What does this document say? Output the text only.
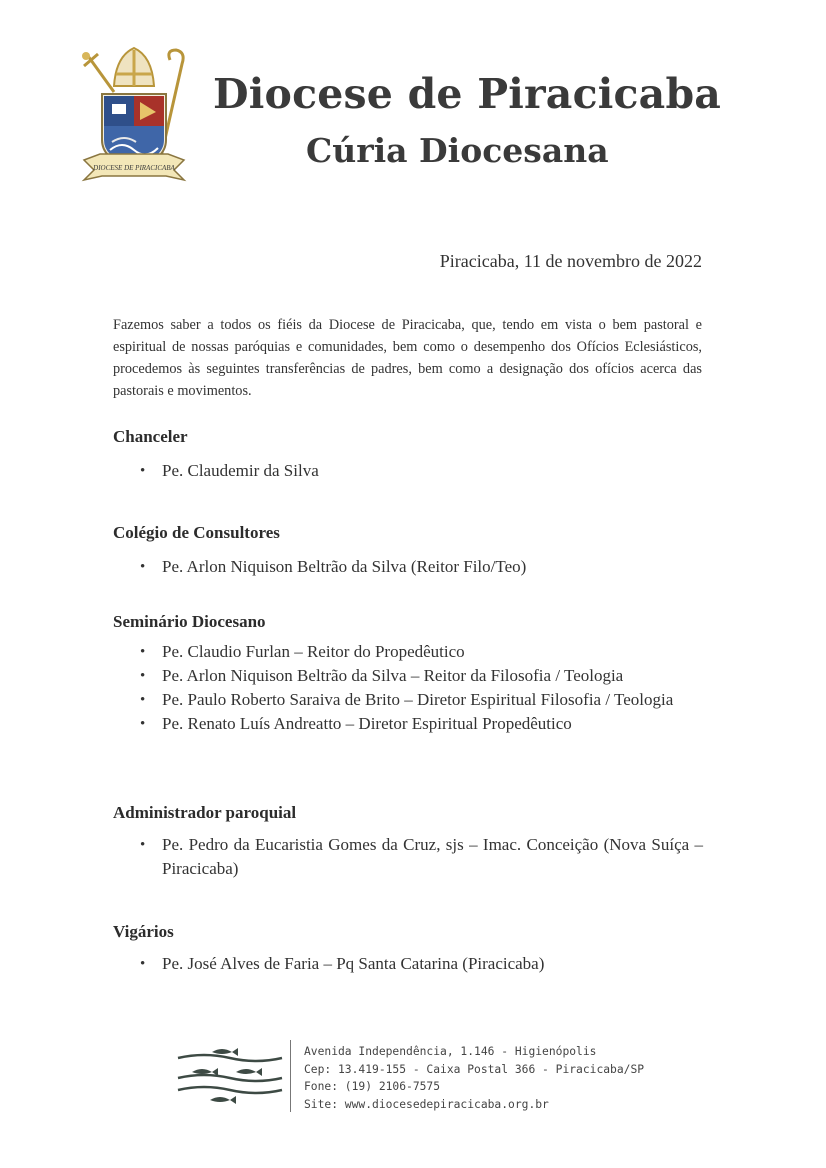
DIOCESE DE PIRACICABA
Diocese de Piracicaba
Cúria Diocesana
Piracicaba, 11 de novembro de 2022
Fazemos saber a todos os fiéis da Diocese de Piracicaba, que, tendo em vista o bem pastoral e espiritual de nossas paróquias e comunidades, bem como o desempenho dos Ofícios Eclesiásticos, procedemos às seguintes transferências de padres, bem como a designação dos ofícios acerca das pastorais e movimentos.
Chanceler
• Pe. Claudemir da Silva
Colégio de Consultores
• Pe. Arlon Niquison Beltrão da Silva (Reitor Filo/Teo)
Seminário Diocesano
• Pe. Claudio Furlan – Reitor do Propedêutico
• Pe. Arlon Niquison Beltrão da Silva – Reitor da Filosofia / Teologia
• Pe. Paulo Roberto Saraiva de Brito – Diretor Espiritual Filosofia / Teologia
• Pe. Renato Luís Andreatto – Diretor Espiritual Propedêutico
Administrador paroquial
• Pe. Pedro da Eucaristia Gomes da Cruz, sjs – Imac. Conceição (Nova Suíça – Piracicaba)
Vigários
• Pe. José Alves de Faria – Pq Santa Catarina (Piracicaba)
Avenida Independência, 1.146 - Higienópolis
Cep: 13.419-155 - Caixa Postal 366 - Piracicaba/SP
Fone: (19) 2106-7575
Site: www.diocesedepiracicaba.org.br
